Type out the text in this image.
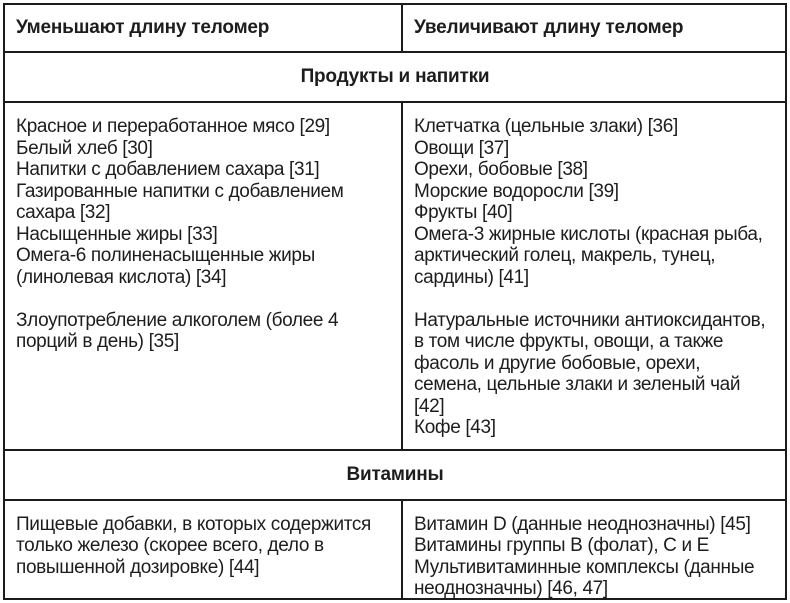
Уменьшают длину теломер	Увеличивают длину теломер
Продукты и напитки

Красное и переработанное мясо [29]

Белый хлеб [30]

Напитки с добавлением сахара [31]

Газированные напитки с добавлением сахара [32]

Насыщенные жиры [33]

Омега-6 полиненасыщенные жиры (линолевая кислота) [34]

Злоупотребление алкоголем (более 4 порций в день) [35]

Клетчатка (цельные злаки) [36]

Овощи [37]

Орехи, бобовые [38]

Морские водоросли [39]

Фрукты [40]

Омега-3 жирные кислоты (красная рыба, арктический голец, макрель, тунец, сардины) [41]

Натуральные источники антиоксидантов, в том числе фрукты, овощи, а также фасоль и другие бобовые, орехи, семена, цельные злаки и зеленый чай [42]

Кофе [43]

Витамины

Пищевые добавки, в которых содержится только железо (скорее всего, дело в повышенной дозировке) [44]

Витамин D (данные неоднозначны) [45]

Витамины группы B (фолат), C и E

Мультивитаминные комплексы (данные неоднозначны) [46, 47]
